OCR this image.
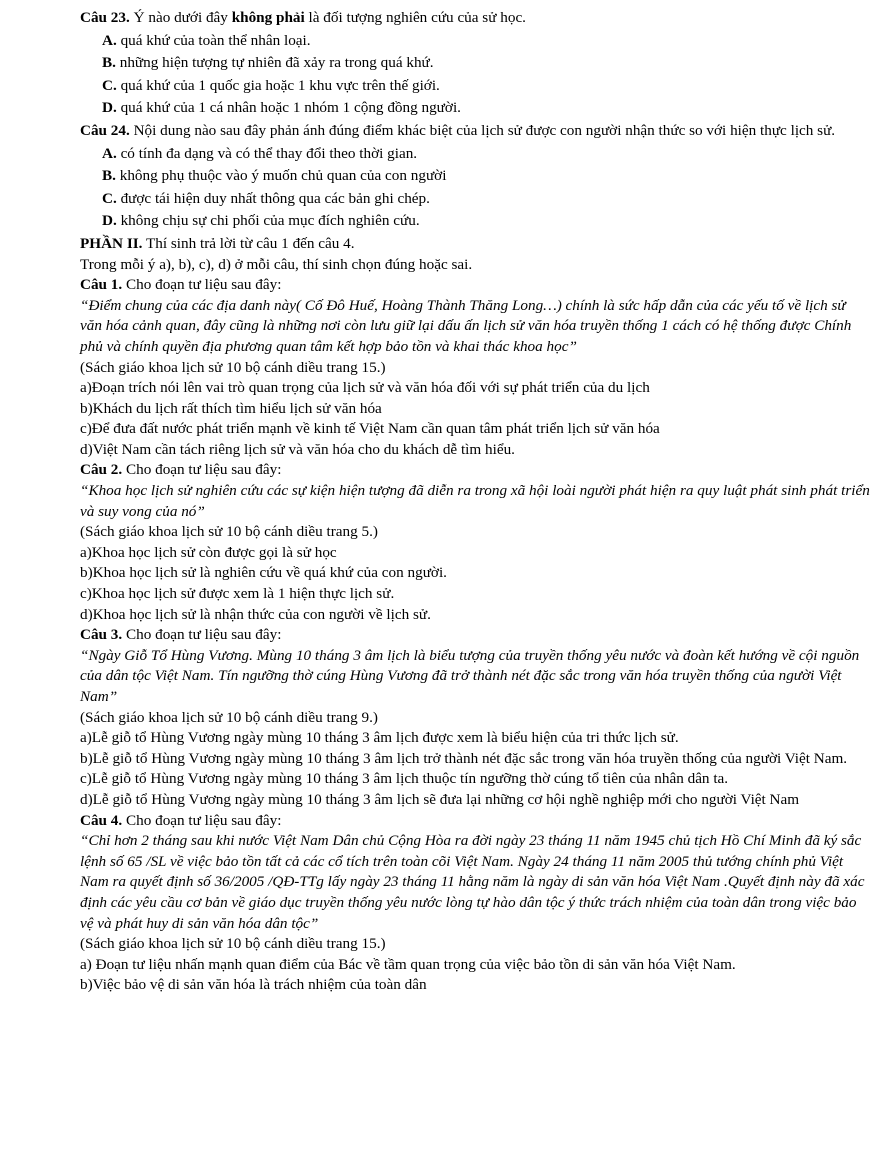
Câu 23. Ý nào dưới đây không phải là đối tượng nghiên cứu của sử học.
A. quá khứ của toàn thể nhân loại.
B. những hiện tượng tự nhiên đã xảy ra trong quá khứ.
C. quá khứ của 1 quốc gia hoặc 1 khu vực trên thế giới.
D. quá khứ của 1 cá nhân hoặc 1 nhóm 1 cộng đồng người.
Câu 24. Nội dung nào sau đây phản ánh đúng điểm khác biệt của lịch sử được con người nhận thức so với hiện thực lịch sử.
A. có tính đa dạng và có thể thay đổi theo thời gian.
B. không phụ thuộc vào ý muốn chủ quan của con người
C. được tái hiện duy nhất thông qua các bản ghi chép.
D. không chịu sự chi phối của mục đích nghiên cứu.
PHẦN II. Thí sinh trả lời từ câu 1 đến câu 4.
Trong mỗi ý a), b), c), d) ở mỗi câu, thí sinh chọn đúng hoặc sai.
Câu 1. Cho đoạn tư liệu sau đây:
“Điểm chung của các địa danh này( Cố Đô Huế, Hoàng Thành Thăng Long…) chính là sức hấp dẫn của các yếu tố về lịch sử văn hóa cảnh quan, đây cũng là những nơi còn lưu giữ lại dấu ấn lịch sử văn hóa truyền thống 1 cách có hệ thống được Chính phủ và chính quyền địa phương quan tâm kết hợp bảo tồn và khai thác khoa học”
(Sách giáo khoa lịch sử 10 bộ cánh diều trang 15.)
a)Đoạn trích nói lên vai trò quan trọng của lịch sử và văn hóa đối với sự phát triển của du lịch
b)Khách du lịch rất thích tìm hiểu lịch sử văn hóa
c)Để đưa đất nước phát triển mạnh về kinh tế Việt Nam cần quan tâm phát triển lịch sử văn hóa
d)Việt Nam cần tách riêng lịch sử và văn hóa cho du khách dễ tìm hiểu.
Câu 2. Cho đoạn tư liệu sau đây:
“Khoa học lịch sử nghiên cứu các sự kiện hiện tượng đã diễn ra trong xã hội loài người phát hiện ra quy luật phát sinh phát triển và suy vong của nó”
(Sách giáo khoa lịch sử 10 bộ cánh diều trang 5.)
a)Khoa học lịch sử còn được gọi là sử học
b)Khoa học lịch sử là nghiên cứu về quá khứ của con người.
c)Khoa học lịch sử được xem là 1 hiện thực lịch sử.
d)Khoa học lịch sử là nhận thức của con người về lịch sử.
Câu 3. Cho đoạn tư liệu sau đây:
“Ngày Giỗ Tổ Hùng Vương. Mùng 10 tháng 3 âm lịch là biểu tượng của truyền thống yêu nước và đoàn kết hướng về cội nguồn của dân tộc Việt Nam. Tín ngưỡng thờ cúng Hùng Vương đã trở thành nét đặc sắc trong văn hóa truyền thống của người Việt Nam”
(Sách giáo khoa lịch sử 10 bộ cánh diều trang 9.)
a)Lễ giỗ tổ Hùng Vương ngày mùng 10 tháng 3 âm lịch được xem là biểu hiện của tri thức lịch sử.
b)Lễ giỗ tổ Hùng Vương ngày mùng 10 tháng 3 âm lịch trở thành nét đặc sắc trong văn hóa truyền thống của người Việt Nam.
c)Lễ giỗ tổ Hùng Vương ngày mùng 10 tháng 3 âm lịch thuộc tín ngưỡng thờ cúng tổ tiên của nhân dân ta.
d)Lễ giỗ tổ Hùng Vương ngày mùng 10 tháng 3 âm lịch sẽ đưa lại những cơ hội nghề nghiệp mới cho người Việt Nam
Câu 4. Cho đoạn tư liệu sau đây:
“Chỉ hơn 2 tháng sau khi nước Việt Nam Dân chủ Cộng Hòa ra đời ngày 23 tháng 11 năm 1945 chủ tịch Hồ Chí Minh đã ký sắc lệnh số 65 /SL về việc bảo tồn tất cả các cổ tích trên toàn cõi Việt Nam. Ngày 24 tháng 11 năm 2005 thủ tướng chính phủ Việt Nam ra quyết định số 36/2005 /QĐ-TTg lấy ngày 23 tháng 11 hằng năm là ngày di sản văn hóa Việt Nam .Quyết định này đã xác định các yêu cầu cơ bản về giáo dục truyền thống yêu nước lòng tự hào dân tộc ý thức trách nhiệm của toàn dân trong việc bảo vệ và phát huy di sản văn hóa dân tộc”
(Sách giáo khoa lịch sử 10 bộ cánh diều trang 15.)
a) Đoạn tư liệu nhấn mạnh quan điểm của Bác về tầm quan trọng của việc bảo tồn di sản văn hóa Việt Nam.
b)Việc bảo vệ di sản văn hóa là trách nhiệm của toàn dân
